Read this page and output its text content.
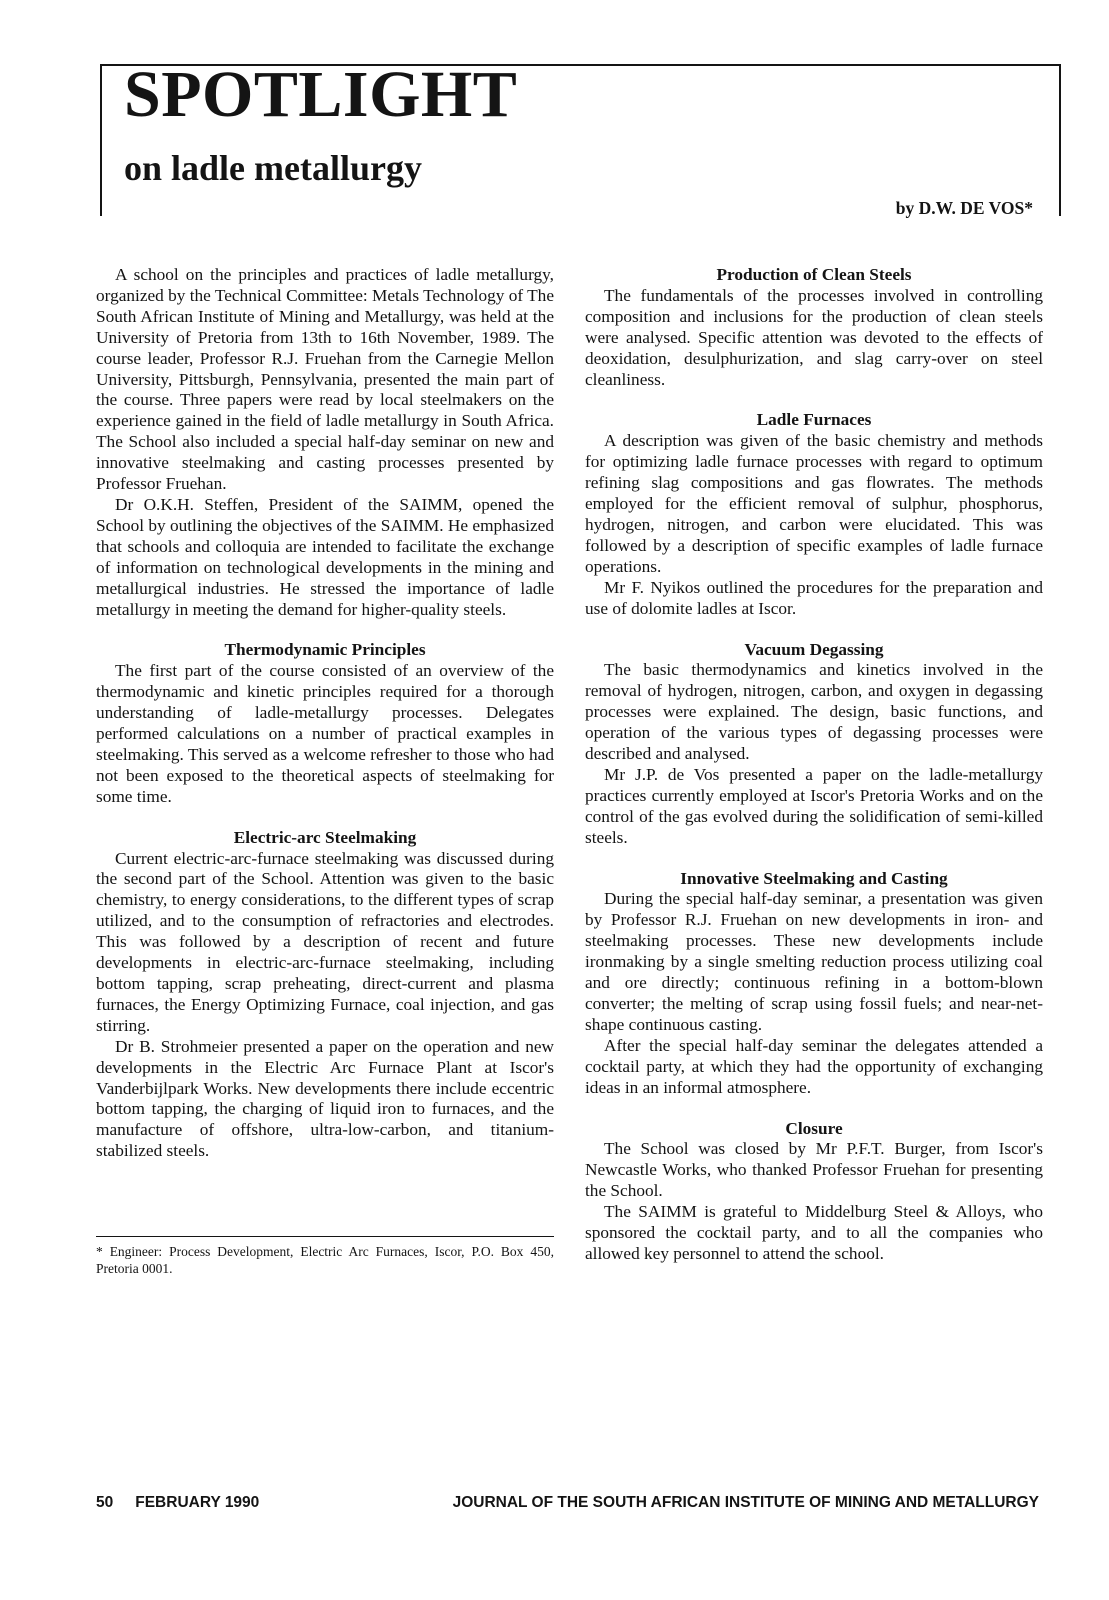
SPOTLIGHT
on ladle metallurgy
by D.W. DE VOS*

A school on the principles and practices of ladle metallurgy, organized by the Technical Committee: Metals Technology of The South African Institute of Mining and Metallurgy, was held at the University of Pretoria from 13th to 16th November, 1989. The course leader, Professor R.J. Fruehan from the Carnegie Mellon University, Pittsburgh, Pennsylvania, presented the main part of the course. Three papers were read by local steelmakers on the experience gained in the field of ladle metallurgy in South Africa. The School also included a special half-day seminar on new and innovative steelmaking and casting processes presented by Professor Fruehan.

Dr O.K.H. Steffen, President of the SAIMM, opened the School by outlining the objectives of the SAIMM. He emphasized that schools and colloquia are intended to facilitate the exchange of information on technological developments in the mining and metallurgical industries. He stressed the importance of ladle metallurgy in meeting the demand for higher-quality steels.

Thermodynamic Principles

The first part of the course consisted of an overview of the thermodynamic and kinetic principles required for a thorough understanding of ladle-metallurgy processes. Delegates performed calculations on a number of practical examples in steelmaking. This served as a welcome refresher to those who had not been exposed to the theoretical aspects of steelmaking for some time.

Electric-arc Steelmaking

Current electric-arc-furnace steelmaking was discussed during the second part of the School. Attention was given to the basic chemistry, to energy considerations, to the different types of scrap utilized, and to the consumption of refractories and electrodes. This was followed by a description of recent and future developments in electric-arc-furnace steelmaking, including bottom tapping, scrap preheating, direct-current and plasma furnaces, the Energy Optimizing Furnace, coal injection, and gas stirring.

Dr B. Strohmeier presented a paper on the operation and new developments in the Electric Arc Furnace Plant at Iscor's Vanderbijlpark Works. New developments there include eccentric bottom tapping, the charging of liquid iron to furnaces, and the manufacture of offshore, ultra-low-carbon, and titanium-stabilized steels.

* Engineer: Process Development, Electric Arc Furnaces, Iscor, P.O. Box 450, Pretoria 0001.
Production of Clean Steels

The fundamentals of the processes involved in controlling composition and inclusions for the production of clean steels were analysed. Specific attention was devoted to the effects of deoxidation, desulphurization, and slag carry-over on steel cleanliness.

Ladle Furnaces

A description was given of the basic chemistry and methods for optimizing ladle furnace processes with regard to optimum refining slag compositions and gas flowrates. The methods employed for the efficient removal of sulphur, phosphorus, hydrogen, nitrogen, and carbon were elucidated. This was followed by a description of specific examples of ladle furnace operations.

Mr F. Nyikos outlined the procedures for the preparation and use of dolomite ladles at Iscor.

Vacuum Degassing

The basic thermodynamics and kinetics involved in the removal of hydrogen, nitrogen, carbon, and oxygen in degassing processes were explained. The design, basic functions, and operation of the various types of degassing processes were described and analysed.

Mr J.P. de Vos presented a paper on the ladle-metallurgy practices currently employed at Iscor's Pretoria Works and on the control of the gas evolved during the solidification of semi-killed steels.

Innovative Steelmaking and Casting

During the special half-day seminar, a presentation was given by Professor R.J. Fruehan on new developments in iron- and steelmaking processes. These new developments include ironmaking by a single smelting reduction process utilizing coal and ore directly; continuous refining in a bottom-blown converter; the melting of scrap using fossil fuels; and near-net-shape continuous casting.

After the special half-day seminar the delegates attended a cocktail party, at which they had the opportunity of exchanging ideas in an informal atmosphere.

Closure

The School was closed by Mr P.F.T. Burger, from Iscor's Newcastle Works, who thanked Professor Fruehan for presenting the School.

The SAIMM is grateful to Middelburg Steel & Alloys, who sponsored the cocktail party, and to all the companies who allowed key personnel to attend the school.

50 FEBRUARY 1990	JOURNAL OF THE SOUTH AFRICAN INSTITUTE OF MINING AND METALLURGY
